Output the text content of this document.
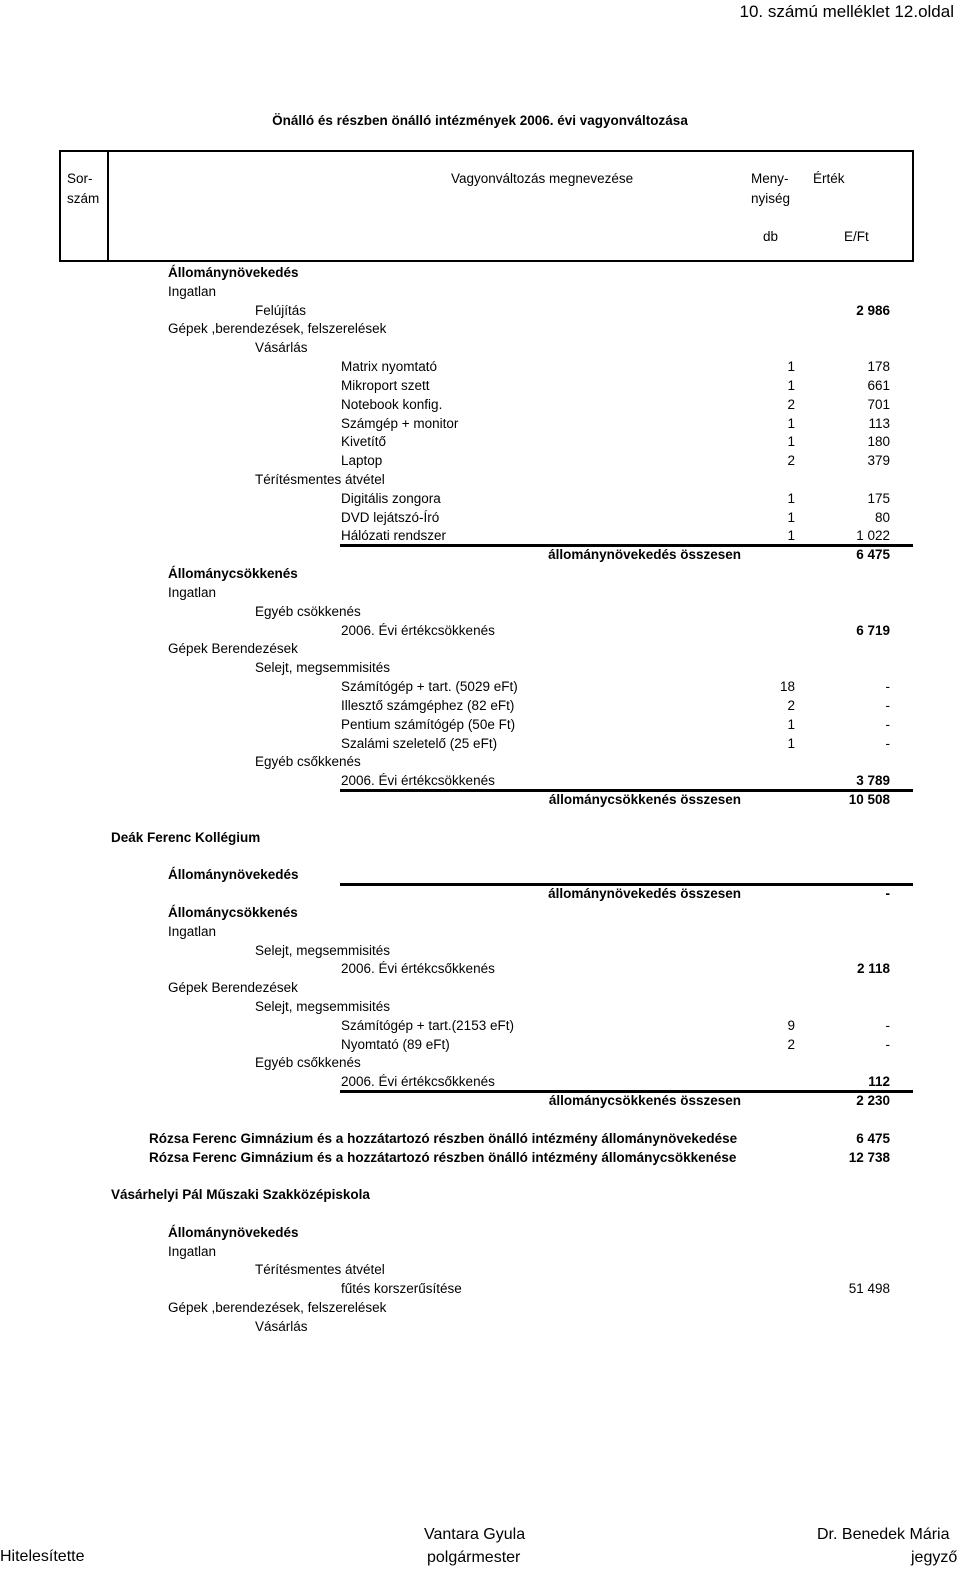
10. számú melléklet 12.oldal
Önálló és részben önálló intézmények 2006. évi vagyonváltozása
Sor-
szám
Vagyonváltozás megnevezése	Meny-
nyiség
Érték
db	E/Ft
Állománynövekedés
Ingatlan
Felújítás	2 986
Gépek ,berendezések, felszerelések
Vásárlás
Matrix nyomtató	1	178
Mikroport szett	1	661
Notebook konfig.	2	701
Számgép + monitor	1	113
Kivetítő	1	180
Laptop	2	379
Térítésmentes átvétel
Digitális zongora	1	175
DVD lejátszó-Író	1	80
Hálózati rendszer	1	1 022
állománynövekedés összesen	6 475
Állománycsökkenés
Ingatlan
Egyéb csökkenés
2006. Évi értékcsökkenés	6 719
Gépek Berendezések
Selejt, megsemmisités
Számítógép + tart. (5029 eFt)	18	-
Illesztő számgéphez (82 eFt)	2	-
Pentium számítógép (50e Ft)	1	-
Szalámi szeletelő (25 eFt)	1	-
Egyéb csőkkenés
2006. Évi értékcsökkenés	3 789
állománycsökkenés összesen	10 508
Deák Ferenc Kollégium
Állománynövekedés
állománynövekedés összesen	-
Állománycsökkenés
Ingatlan
Selejt, megsemmisités
2006. Évi értékcsőkkenés	2 118
Gépek Berendezések
Selejt, megsemmisités
Számítógép + tart.(2153 eFt)	9	-
Nyomtató (89 eFt)	2	-
Egyéb csőkkenés
2006. Évi értékcsőkkenés	112
állománycsökkenés összesen	2 230
Rózsa Ferenc Gimnázium és a hozzátartozó részben önálló intézmény állománynövekedése	6 475
Rózsa Ferenc Gimnázium és a hozzátartozó részben önálló intézmény állománycsökkenése	12 738
Vásárhelyi Pál Műszaki Szakközépiskola
Állománynövekedés
Ingatlan
Térítésmentes átvétel
fűtés korszerűsítése	51 498
Gépek ,berendezések, felszerelések
Vásárlás
Hitelesítette
Vantara Gyula
polgármester
Dr. Benedek Mária
jegyző
